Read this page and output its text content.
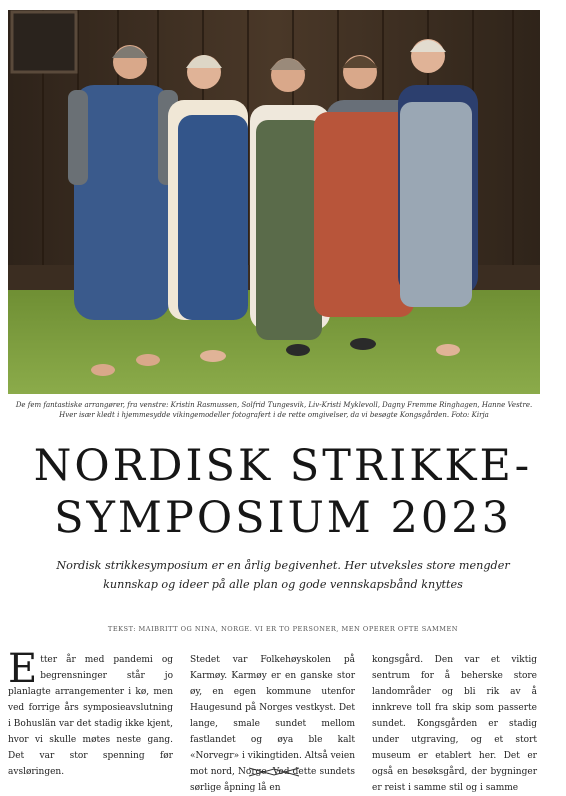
De fem fantastiske arrangører, fra venstre: Kristin Rasmussen, Solfrid Tungesvik, Liv-Kristi Myklevoll, Dagny Fremme Ringhagen, Hanne Vestre.
Hver især kledt i hjemmesydde vikingemodeller fotografert i de rette omgivelser, da vi besøgte Kongsgården. Foto: Kirja
NORDISK STRIKKE-
SYMPOSIUM 2023
Nordisk strikkesymposium er en årlig begivenhet. Her utveksles store mengder
kunnskap og ideer på alle plan og gode vennskapsbånd knyttes
TEKST: MAIBRITT OG NINA, NORGE. VI ER TO PERSONER, MEN OPERER OFTE SAMMEN
E tter år med pandemi og begrensninger står jo planlagte arrangementer i kø, men ved forrige års symposieavslutning i Bohuslän var det stadig ikke kjent, hvor vi skulle møtes neste gang. Det var stor spenning før avsløringen.

Stedet var Folkehøyskolen på Karmøy. Karmøy er en ganske stor øy, en egen kommune utenfor Haugesund på Norges vestkyst. Det lange, smale sundet mellom fastlandet og øya ble kalt «Norvegr» i vikingtiden. Altså veien mot nord, Norge. Ved dette sundets sørlige åpning lå en

kongsgård. Den var et viktig sentrum for å beherske store landområder og bli rik av å innkreve toll fra skip som passerte sundet. Kongsgården er stadig under utgraving, og et stort museum er etablert her. Det er også en besøksgård, der bygninger er reist i samme stil og i samme
